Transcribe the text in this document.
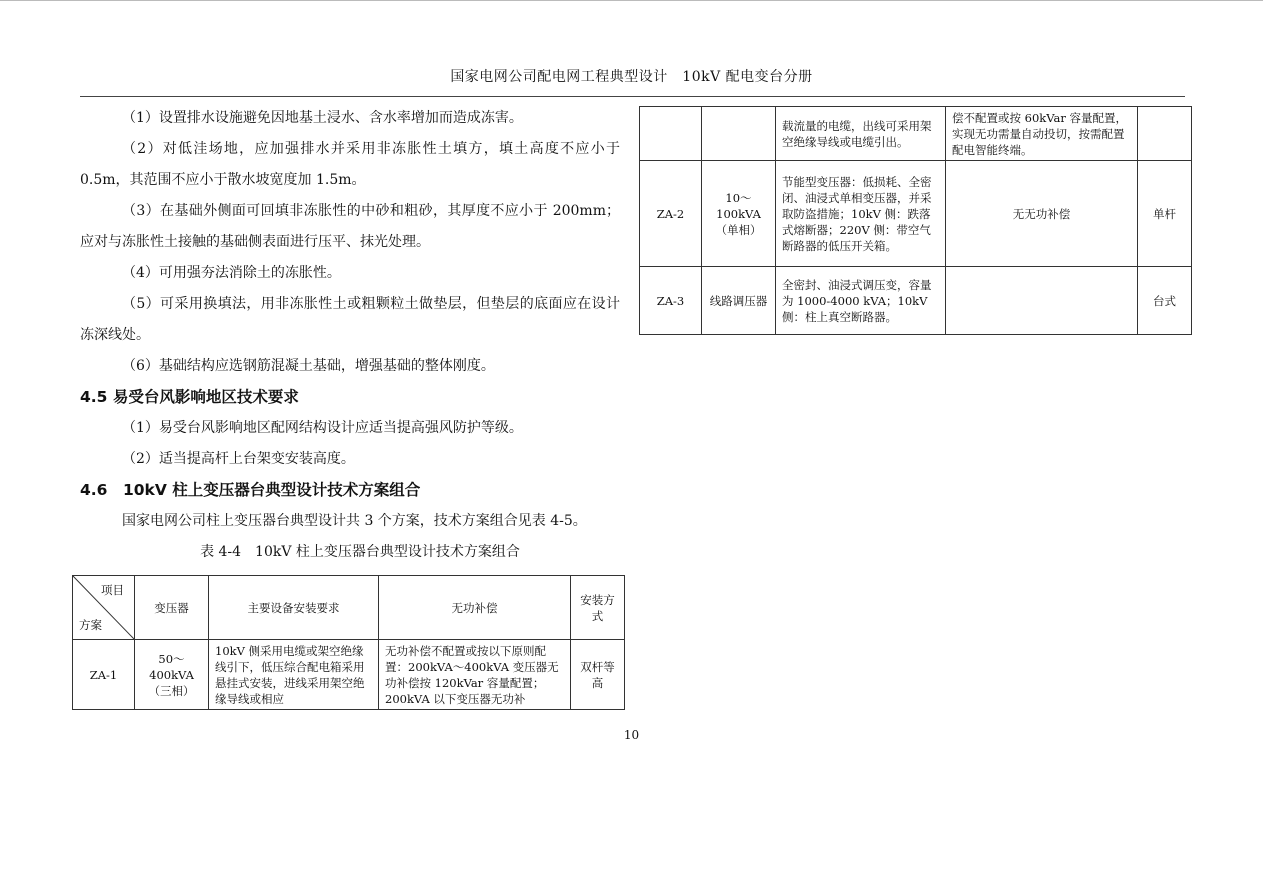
国家电网公司配电网工程典型设计　10kV 配电变台分册

（1）设置排水设施避免因地基土浸水、含水率增加而造成冻害。

（2）对低洼场地，应加强排水并采用非冻胀性土填方，填土高度不应小于 0.5m，其范围不应小于散水坡宽度加 1.5m。

（3）在基础外侧面可回填非冻胀性的中砂和粗砂，其厚度不应小于 200mm；应对与冻胀性土接触的基础侧表面进行压平、抹光处理。

（4）可用强夯法消除土的冻胀性。

（5）可采用换填法，用非冻胀性土或粗颗粒土做垫层，但垫层的底面应在设计冻深线处。

（6）基础结构应选钢筋混凝土基础，增强基础的整体刚度。

4.5 易受台风影响地区技术要求

（1）易受台风影响地区配网结构设计应适当提高强风防护等级。

（2）适当提高杆上台架变安装高度。

4.6　10kV 柱上变压器台典型设计技术方案组合

国家电网公司柱上变压器台典型设计共 3 个方案，技术方案组合见表 4-5。

表 4-4　10kV 柱上变压器台典型设计技术方案组合

项目
方案	变压器	主要设备安装要求	无功补偿	安装方式
ZA-1	50～400kVA（三相）	10kV 侧采用电缆或架空绝缘线引下，低压综合配电箱采用悬挂式安装，进线采用架空绝缘导线或相应	无功补偿不配置或按以下原则配置：200kVA～400kVA 变压器无功补偿按 120kVar 容量配置；200kVA 以下变压器无功补	双杆等高
		载流量的电缆，出线可采用架空绝缘导线或电缆引出。	偿不配置或按 60kVar 容量配置，实现无功需量自动投切，按需配置配电智能终端。	
ZA-2	10～100kVA（单相）	节能型变压器：低损耗、全密闭、油浸式单相变压器，并采取防盗措施；10kV 侧：跌落式熔断器；220V 侧：带空气断路器的低压开关箱。	无无功补偿	单杆
ZA-3	线路调压器	全密封、油浸式调压变，容量为 1000-4000 kVA；10kV 侧：柱上真空断路器。		台式
10
